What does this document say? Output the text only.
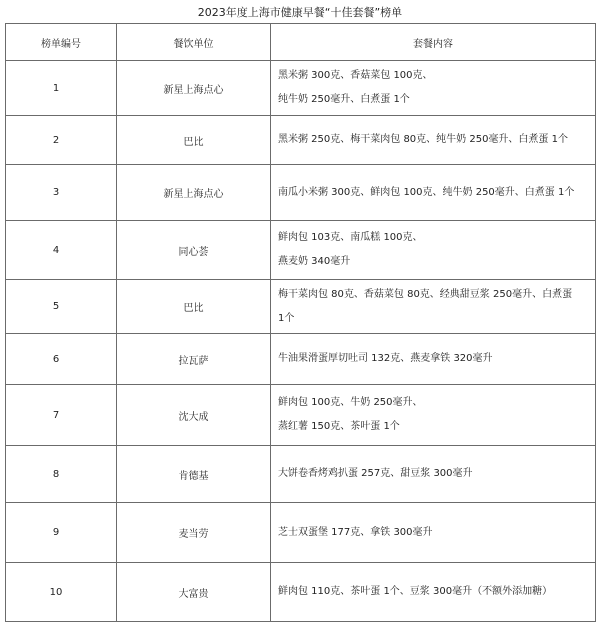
2023年度上海市健康早餐“十佳套餐”榜单
榜单编号	餐饮单位	套餐内容
1	新星上海点心	黑米粥 300克、香菇菜包 100克、
纯牛奶 250毫升、白煮蛋 1个

2	巴比	黑米粥 250克、梅干菜肉包 80克、纯牛奶 250毫升、白煮蛋 1个

3	新星上海点心	南瓜小米粥 300克、鲜肉包 100克、纯牛奶 250毫升、白煮蛋 1个

4	同心荟	鲜肉包 103克、南瓜糕 100克、
燕麦奶 340毫升

5	巴比	梅干菜肉包 80克、香菇菜包 80克、经典甜豆浆 250毫升、白煮蛋
1个

6	拉瓦萨	牛油果滑蛋厚切吐司 132克、燕麦拿铁 320毫升

7	沈大成	鲜肉包 100克、牛奶 250毫升、
蒸红薯 150克、茶叶蛋 1个

8	肯德基	大饼卷香烤鸡扒蛋 257克、甜豆浆 300毫升

9	麦当劳	芝士双蛋堡 177克、拿铁 300毫升

10	大富贵	鲜肉包 110克、茶叶蛋 1个、豆浆 300毫升（不额外添加糖）
